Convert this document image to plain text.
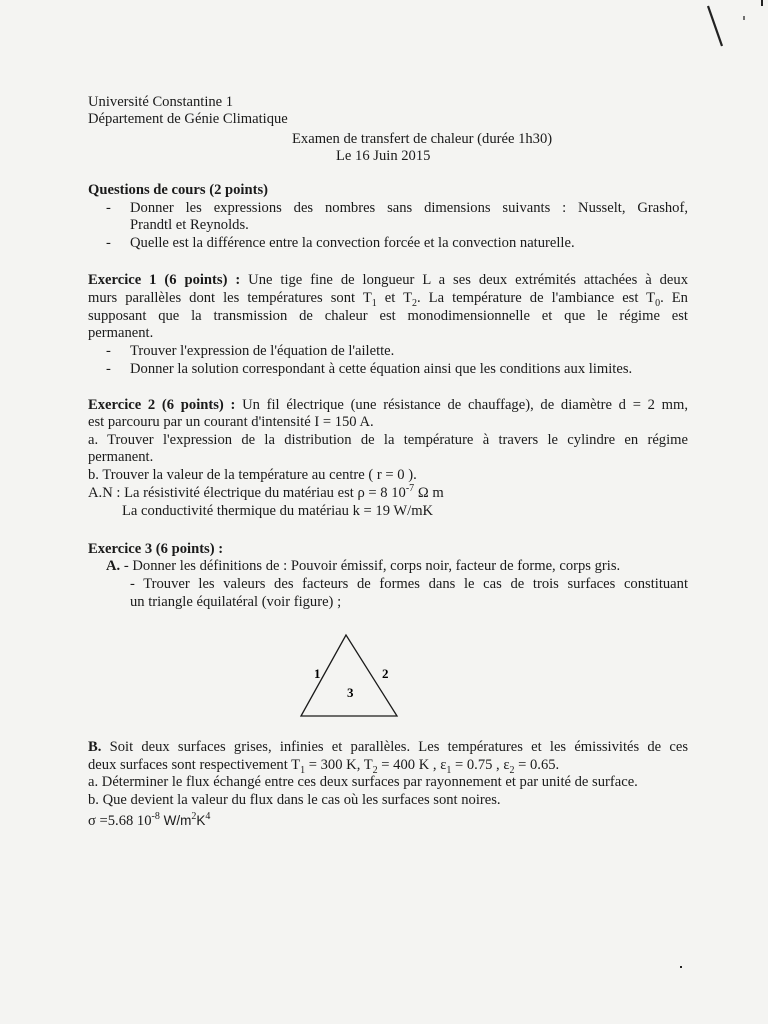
Université Constantine 1
Département de Génie Climatique
Examen de transfert de chaleur (durée 1h30)
Le 16 Juin 2015
Questions de cours (2 points)
- Donner les expressions des nombres sans dimensions suivants : Nusselt, Grashof,
Prandtl et Reynolds.
- Quelle est la différence entre la convection forcée et la convection naturelle.
Exercice 1 (6 points) : Une tige fine de longueur L a ses deux extrémités attachées à deux
murs parallèles dont les températures sont $T_1$ et $T_2$. La température de l'ambiance est $T_0$. En
supposant que la transmission de chaleur est monodimensionnelle et que le régime est
permanent.
- Trouver l'expression de l'équation de l'ailette.
- Donner la solution correspondant à cette équation ainsi que les conditions aux limites.
Exercice 2 (6 points) : Un fil électrique (une résistance de chauffage), de diamètre d = 2 mm,
est parcouru par un courant d'intensité I = 150 A.
a. Trouver l'expression de la distribution de la température à travers le cylindre en régime
permanent.
b. Trouver la valeur de la température au centre ( r = 0 ).
A.N : La résistivité électrique du matériau est ρ = 8 $10^{-7}$ Ω m
La conductivité thermique du matériau k = 19 W/mK
Exercice 3 (6 points) :
A. - Donner les définitions de : Pouvoir émissif, corps noir, facteur de forme, corps gris.
- Trouver les valeurs des facteurs de formes dans le cas de trois surfaces constituant
un triangle équilatéral (voir figure) ;
1	2
3
B. Soit deux surfaces grises, infinies et parallèles. Les températures et les émissivités de ces
deux surfaces sont respectivement $T_1 = 300$ K, $T_2 = 400$ K , $\varepsilon_1 = 0.75$ , $\varepsilon_2 = 0.65$.
a. Déterminer le flux échangé entre ces deux surfaces par rayonnement et par unité de surface.
b. Que devient la valeur du flux dans le cas où les surfaces sont noires.
σ =5.68 $10^{-8}$ $W/m^2K^4$
